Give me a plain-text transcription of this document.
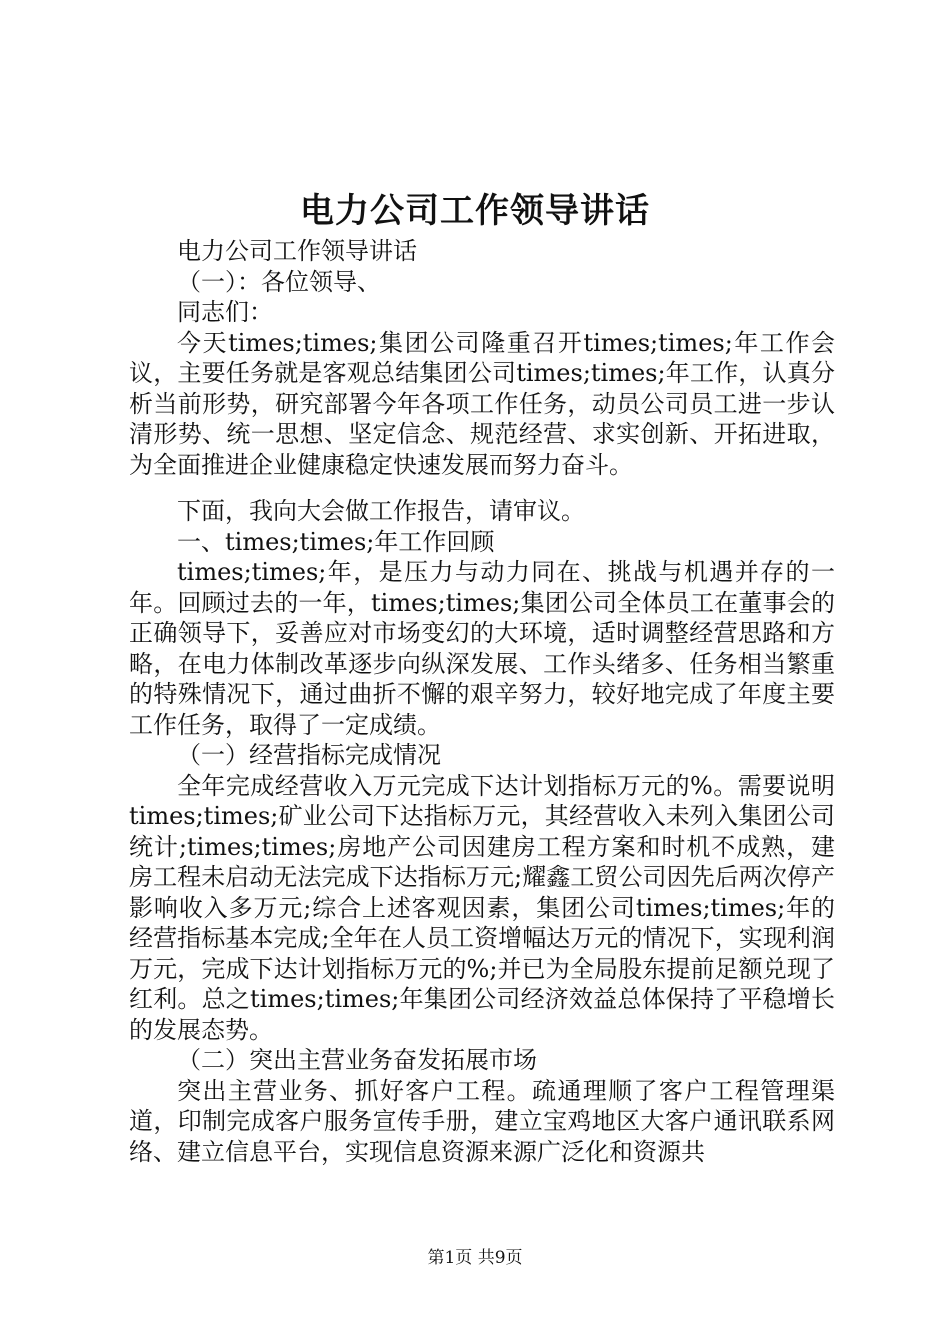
电力公司工作领导讲话

电力公司工作领导讲话

（一）：各位领导、

同志们：

今天times;times;集团公司隆重召开times;times;年工作会议，主要任务就是客观总结集团公司times;times;年工作，认真分析当前形势，研究部署今年各项工作任务，动员公司员工进一步认清形势、统一思想、坚定信念、规范经营、求实创新、开拓进取，为全面推进企业健康稳定快速发展而努力奋斗。

下面，我向大会做工作报告，请审议。

一、times;times;年工作回顾

times;times;年，是压力与动力同在、挑战与机遇并存的一年。回顾过去的一年，times;times;集团公司全体员工在董事会的正确领导下，妥善应对市场变幻的大环境，适时调整经营思路和方略，在电力体制改革逐步向纵深发展、工作头绪多、任务相当繁重的特殊情况下，通过曲折不懈的艰辛努力，较好地完成了年度主要工作任务，取得了一定成绩。

（一）经营指标完成情况

全年完成经营收入万元完成下达计划指标万元的%。需要说明times;times;矿业公司下达指标万元，其经营收入未列入集团公司统计;times;times;房地产公司因建房工程方案和时机不成熟，建房工程未启动无法完成下达指标万元;耀鑫工贸公司因先后两次停产影响收入多万元;综合上述客观因素，集团公司times;times;年的经营指标基本完成;全年在人员工资增幅达万元的情况下，实现利润万元，完成下达计划指标万元的%;并已为全局股东提前足额兑现了红利。总之times;times;年集团公司经济效益总体保持了平稳增长的发展态势。

（二）突出主营业务奋发拓展市场

突出主营业务、抓好客户工程。疏通理顺了客户工程管理渠道，印制完成客户服务宣传手册，建立宝鸡地区大客户通讯联系网络、建立信息平台，实现信息资源来源广泛化和资源共

第1页 共9页
